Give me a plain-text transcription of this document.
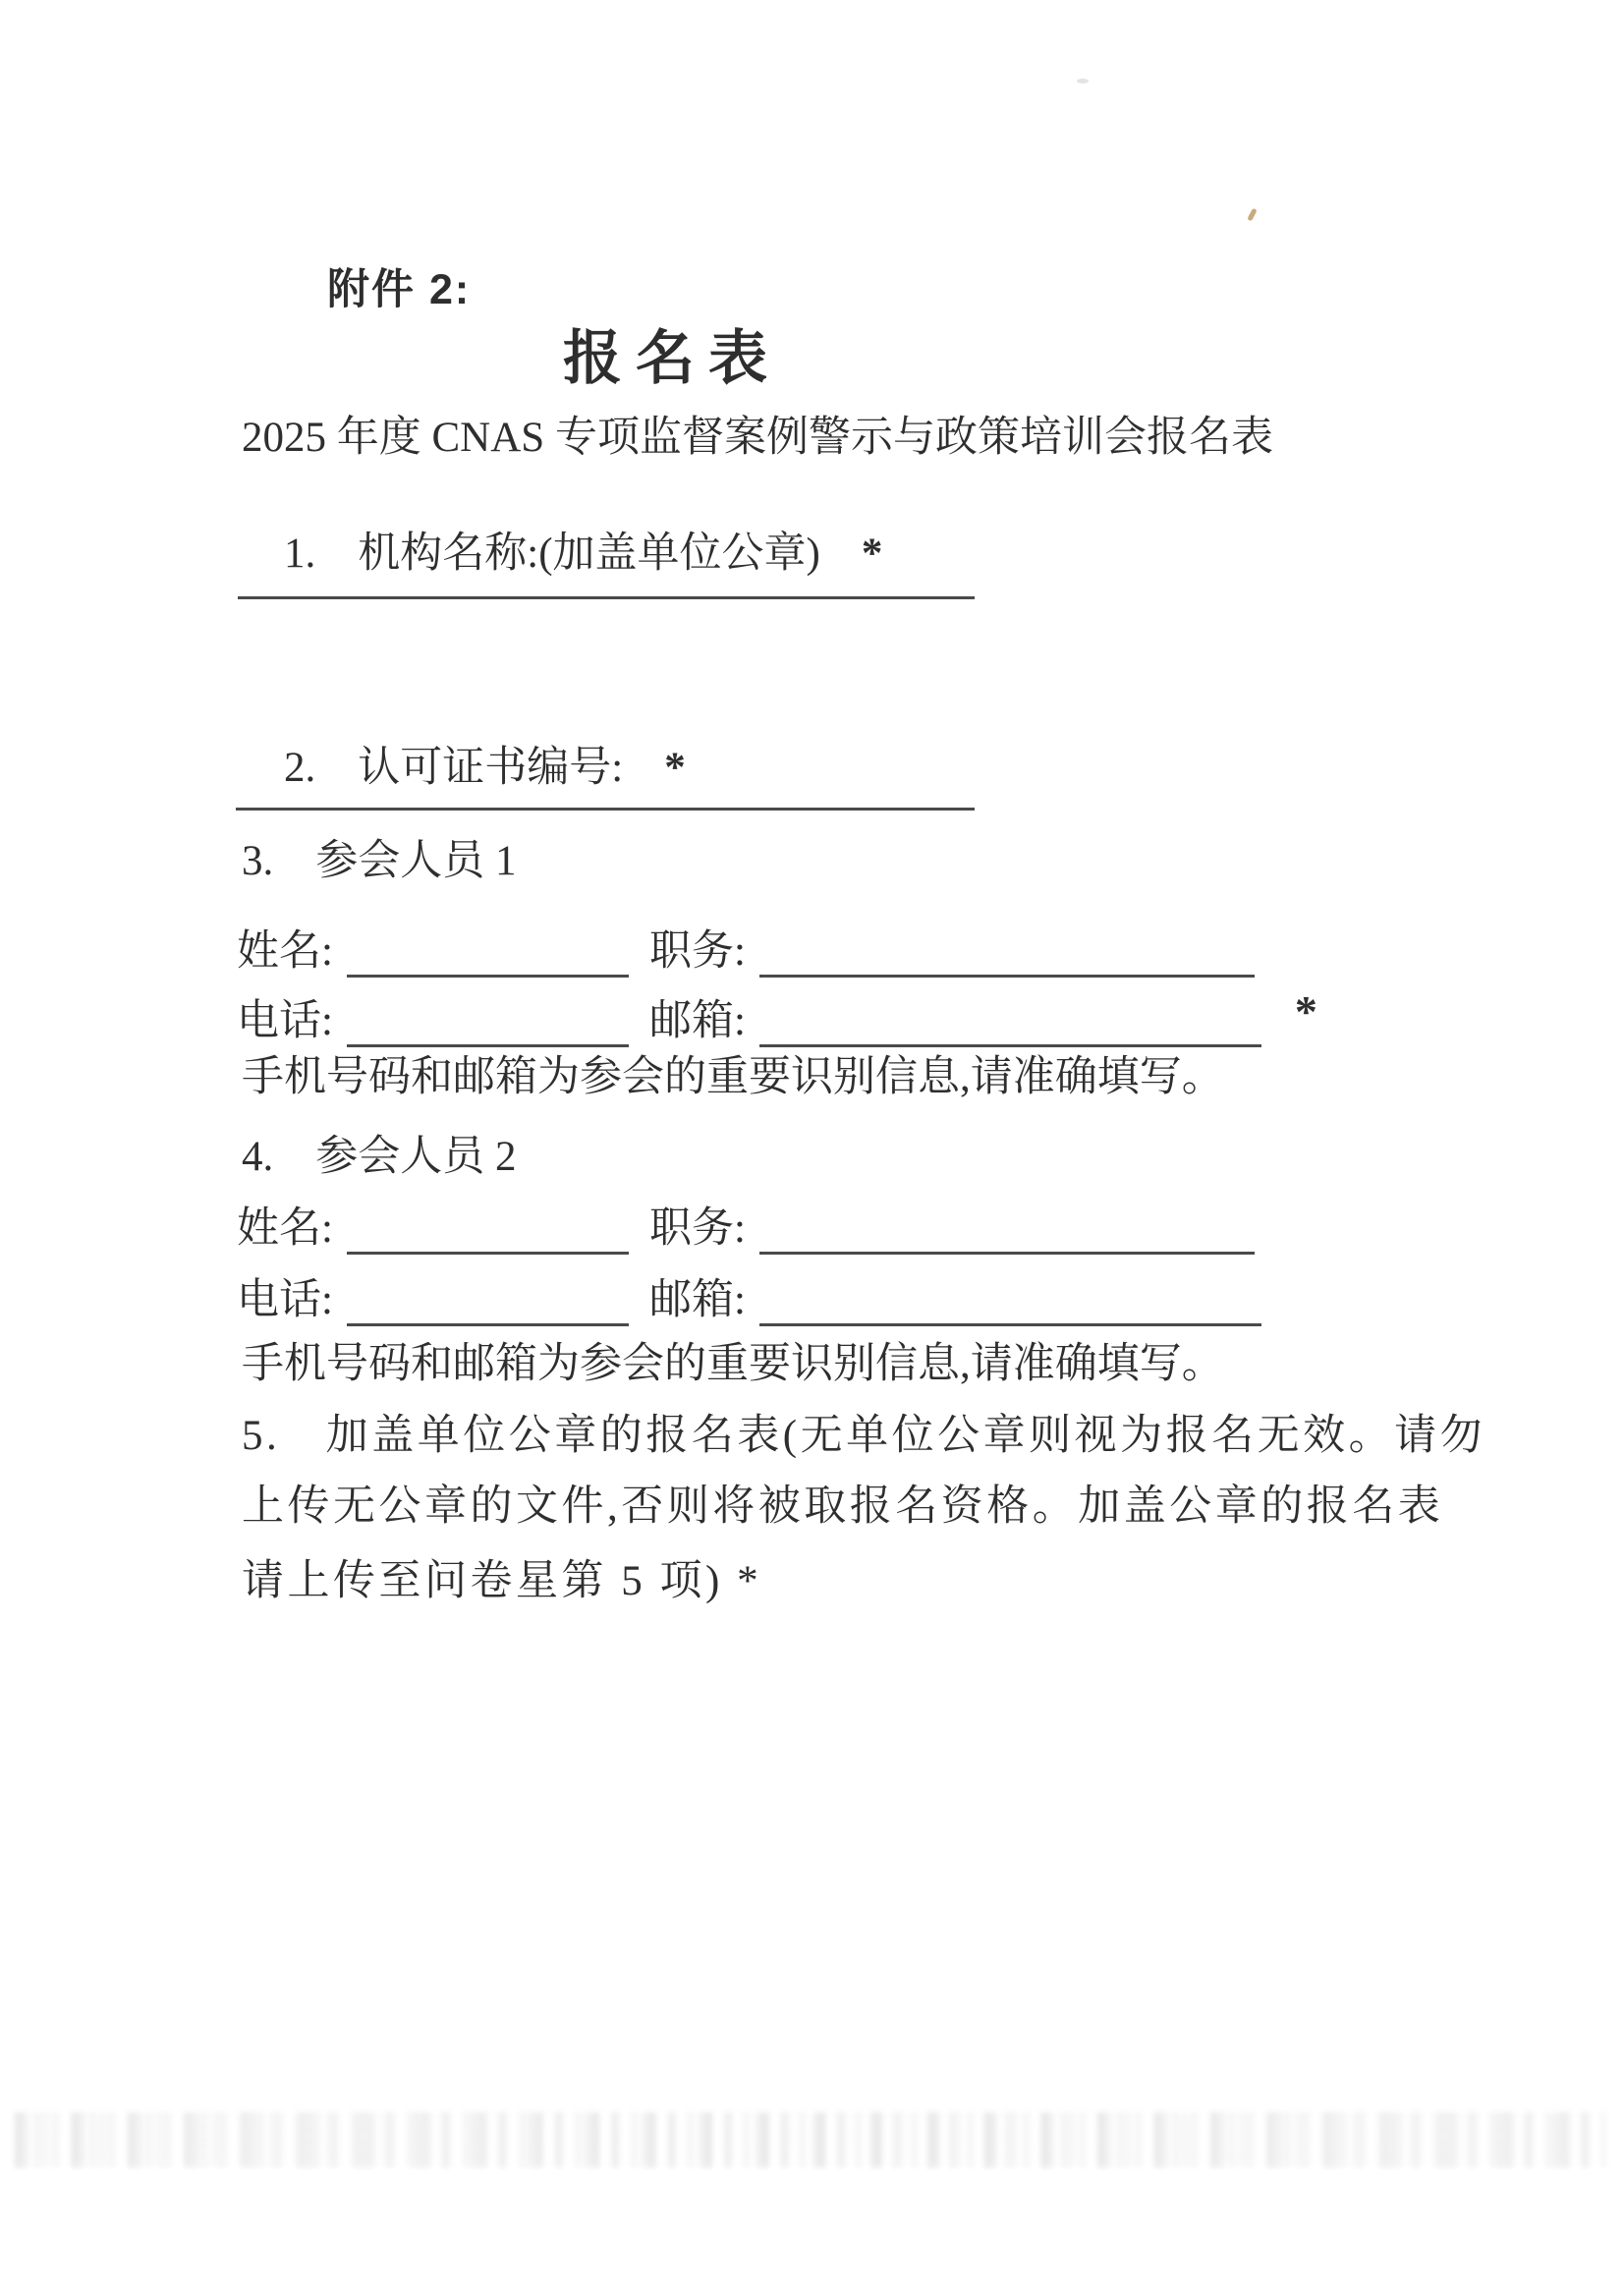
附件 2:
报名表
2025 年度 CNAS 专项监督案例警示与政策培训会报名表

1.　机构名称:(加盖单位公章) *

2.　认可证书编号: *

3.　参会人员 1
姓名:	职务:
电话:	邮箱:	*
手机号码和邮箱为参会的重要识别信息,请准确填写。
4.　参会人员 2
姓名:	职务:
电话:	邮箱:
手机号码和邮箱为参会的重要识别信息,请准确填写。
5.　加盖单位公章的报名表(无单位公章则视为报名无效。请勿
上传无公章的文件,否则将被取报名资格。加盖公章的报名表
请上传至问卷星第 5 项) *
